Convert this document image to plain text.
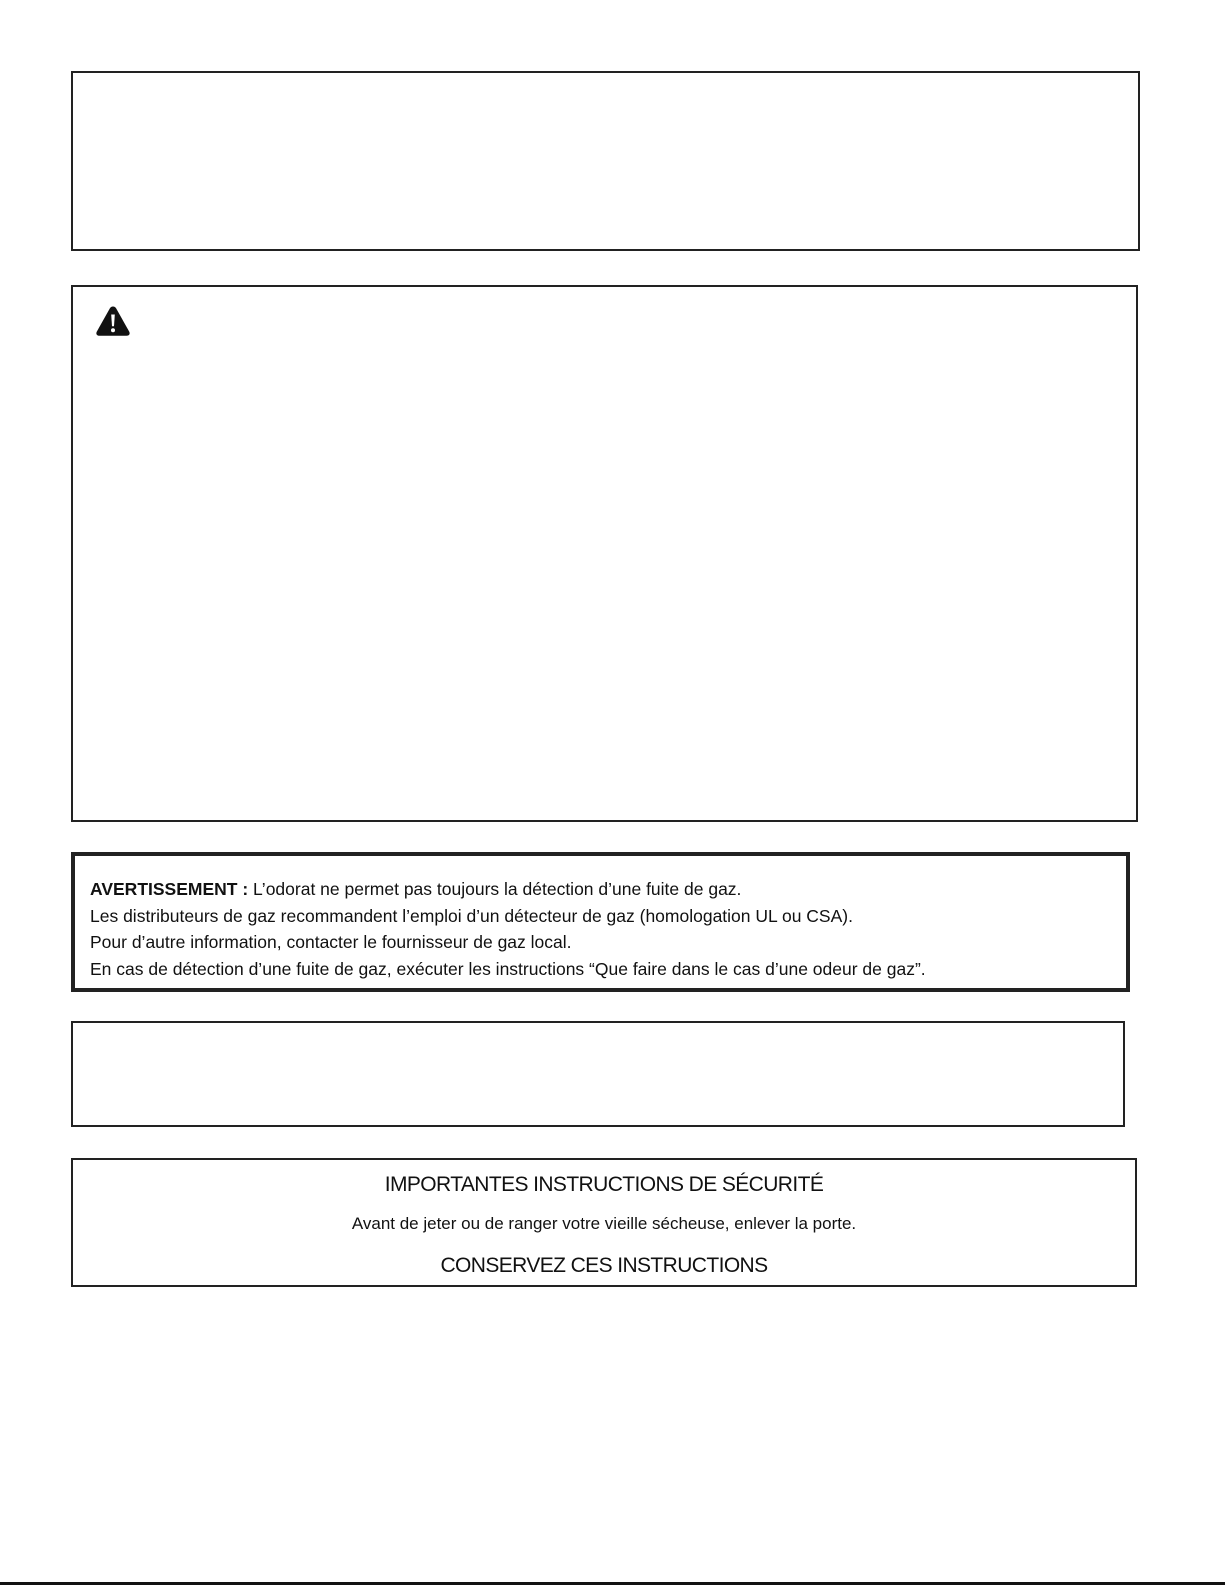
AVERTISSEMENT : L’odorat ne permet pas toujours la détection d’une fuite de gaz.

Les distributeurs de gaz recommandent l’emploi d’un détecteur de gaz (homologation UL ou CSA).

Pour d’autre information, contacter le fournisseur de gaz local.

En cas de détection d’une fuite de gaz, exécuter les instructions “Que faire dans le cas d’une odeur de gaz”.

IMPORTANTES INSTRUCTIONS DE SÉCURITÉ

Avant de jeter ou de ranger votre vieille sécheuse, enlever la porte.

CONSERVEZ CES INSTRUCTIONS
